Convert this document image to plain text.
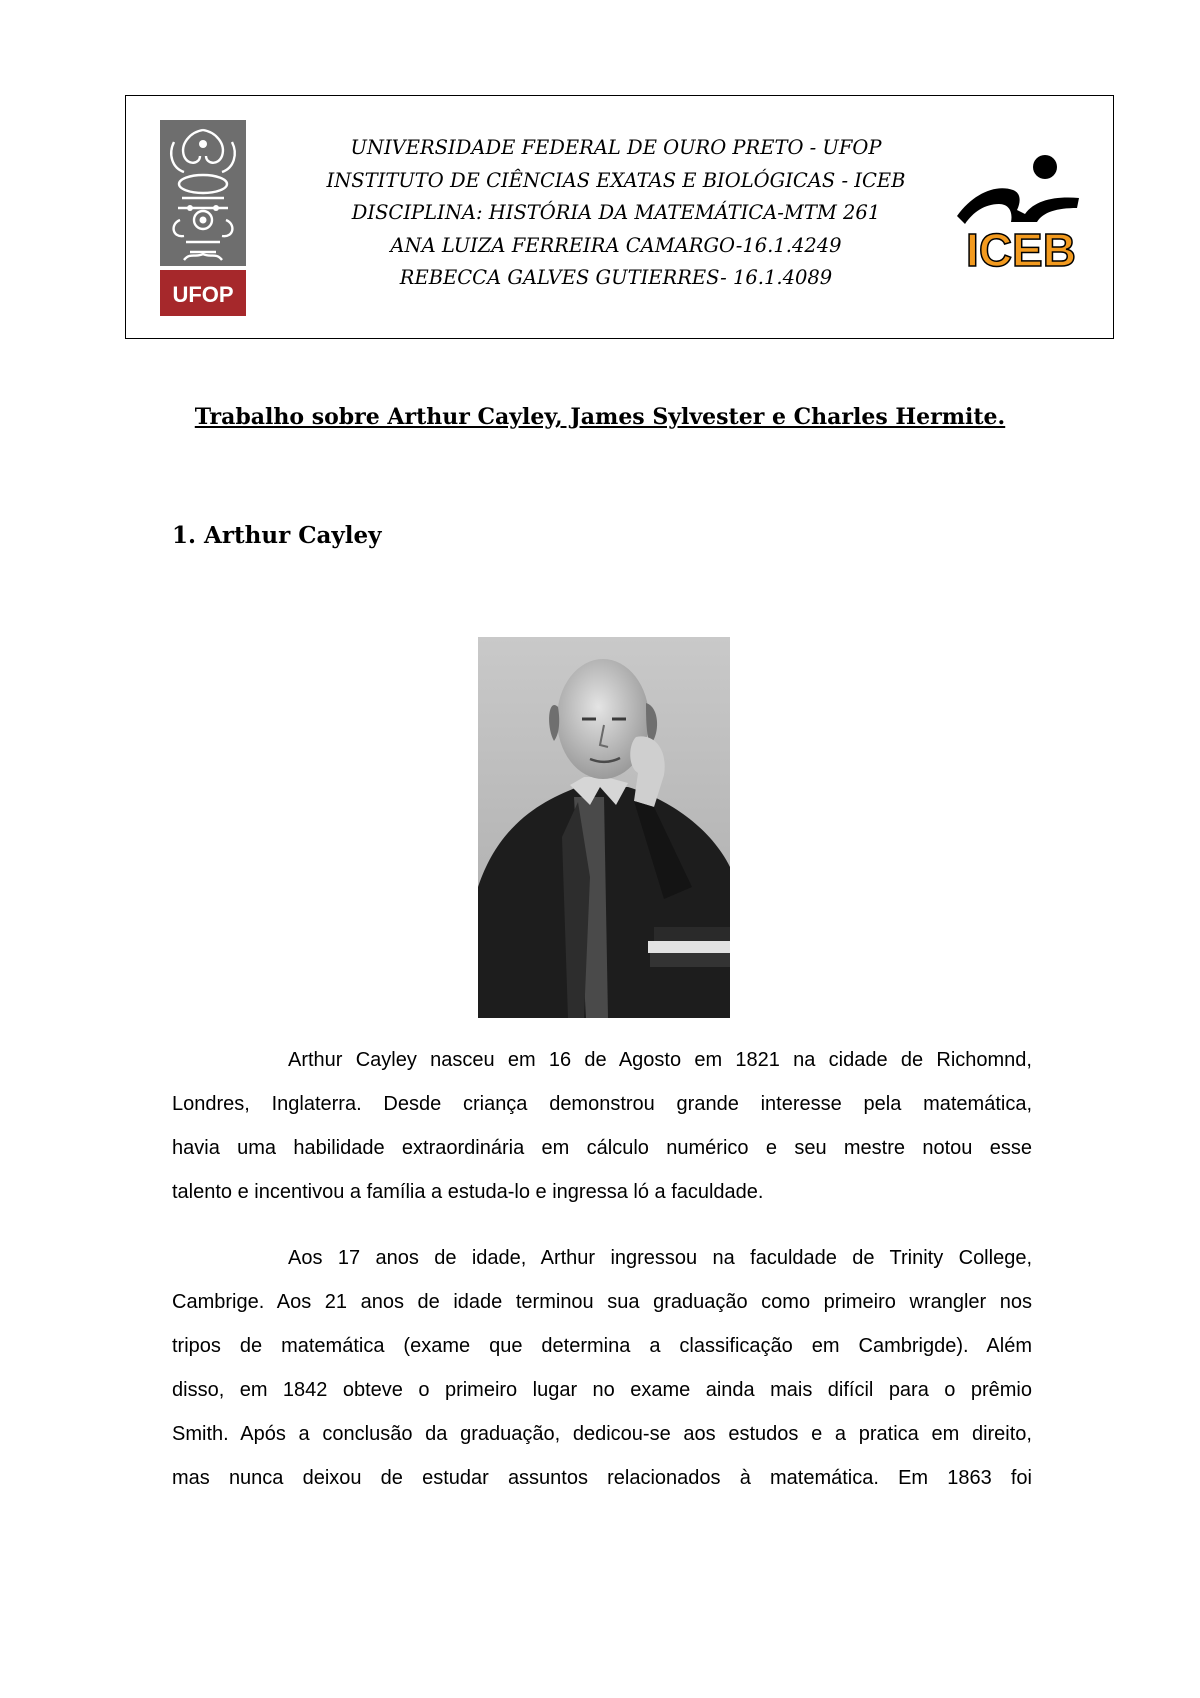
UFOP
UNIVERSIDADE FEDERAL DE OURO PRETO - UFOP
INSTITUTO DE CIÊNCIAS EXATAS E BIOLÓGICAS - ICEB
DISCIPLINA: HISTÓRIA DA MATEMÁTICA-MTM 261
ANA LUIZA FERREIRA CAMARGO-16.1.4249
REBECCA GALVES GUTIERRES- 16.1.4089
ICEB
Trabalho sobre Arthur Cayley, James Sylvester e Charles Hermite.
1. Arthur Cayley
Arthur Cayley nasceu em 16 de Agosto em 1821 na cidade de Richomnd,
Londres, Inglaterra. Desde criança demonstrou grande interesse pela matemática,
havia uma habilidade extraordinária em cálculo numérico e seu mestre notou esse
talento e incentivou a família a estuda-lo e ingressa ló a faculdade.
Aos 17 anos de idade, Arthur ingressou na faculdade de Trinity College,
Cambrige. Aos 21 anos de idade terminou sua graduação como primeiro wrangler nos
tripos de matemática (exame que determina a classificação em Cambrigde). Além
disso, em 1842 obteve o primeiro lugar no exame ainda mais difícil para o prêmio
Smith. Após a conclusão da graduação, dedicou-se aos estudos e a pratica em direito,
mas nunca deixou de estudar assuntos relacionados à matemática. Em 1863 foi
